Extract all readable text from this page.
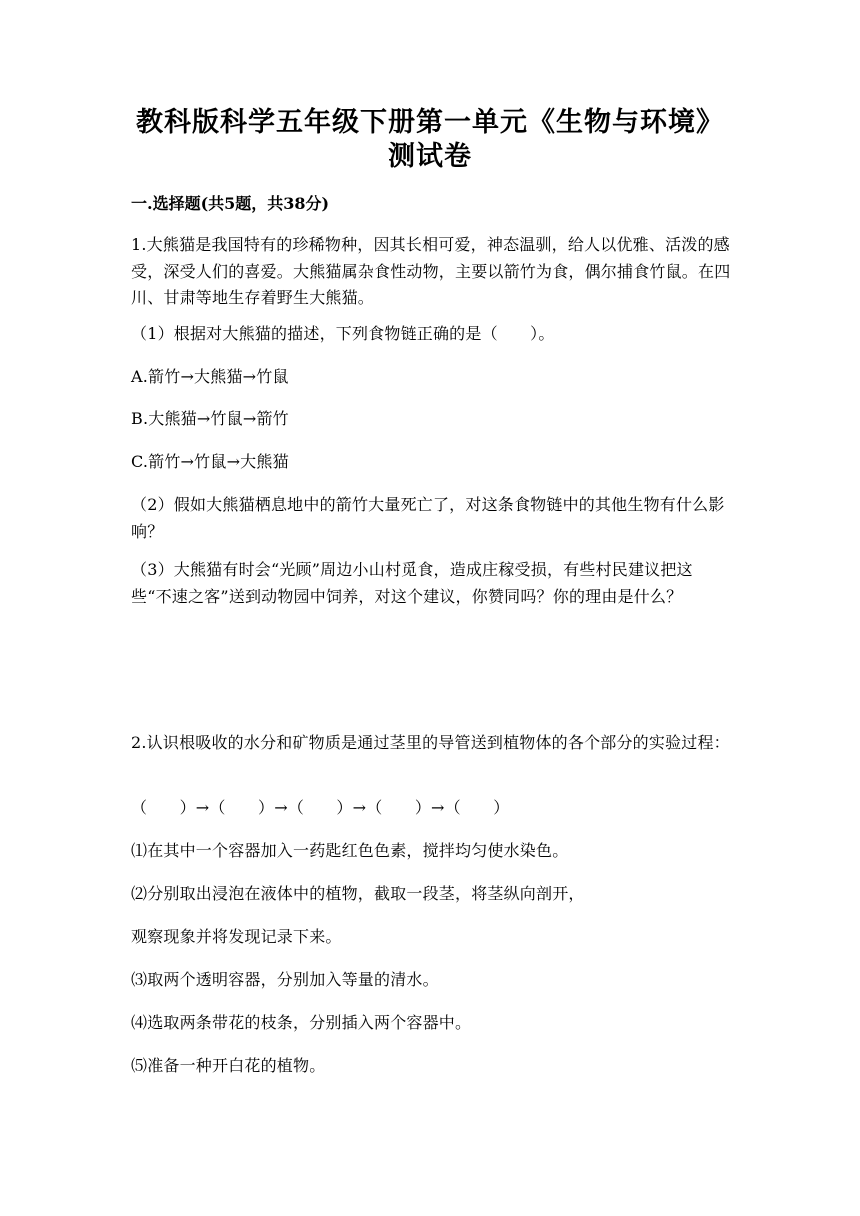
教科版科学五年级下册第一单元《生物与环境》测试卷
一.选择题(共5题，共38分)
1.大熊猫是我国特有的珍稀物种，因其长相可爱，神态温驯，给人以优雅、活泼的感受，深受人们的喜爱。大熊猫属杂食性动物，主要以箭竹为食，偶尔捕食竹鼠。在四川、甘肃等地生存着野生大熊猫。
（1）根据对大熊猫的描述，下列食物链正确的是（　　）。
A.箭竹→大熊猫→竹鼠
B.大熊猫→竹鼠→箭竹
C.箭竹→竹鼠→大熊猫
（2）假如大熊猫栖息地中的箭竹大量死亡了，对这条食物链中的其他生物有什么影响？
（3）大熊猫有时会“光顾”周边小山村觅食，造成庄稼受损，有些村民建议把这些“不速之客”送到动物园中饲养，对这个建议，你赞同吗？你的理由是什么？
2.认识根吸收的水分和矿物质是通过茎里的导管送到植物体的各个部分的实验过程：
（　　）→（　　）→（　　）→（　　）→（　　）
⑴在其中一个容器加入一药匙红色色素，搅拌均匀使水染色。
⑵分别取出浸泡在液体中的植物，截取一段茎，将茎纵向剖开，
观察现象并将发现记录下来。
⑶取两个透明容器，分别加入等量的清水。
⑷选取两条带花的枝条，分别插入两个容器中。
⑸准备一种开白花的植物。
